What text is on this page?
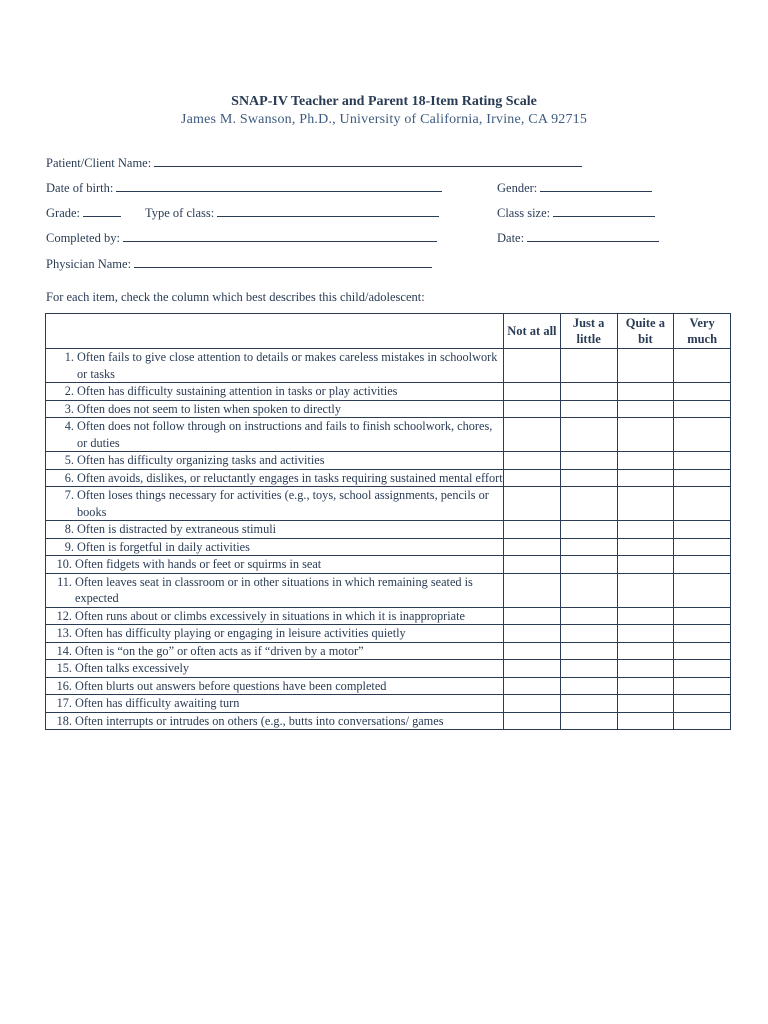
SNAP-IV Teacher and Parent 18-Item Rating Scale
James M. Swanson, Ph.D., University of California, Irvine, CA 92715
Patient/Client Name:
Date of birth:	Gender:
Grade:	Type of class:	Class size:
Completed by:	Date:
Physician Name:
For each item, check the column which best describes this child/adolescent:
	Not at all	Just a little	Quite a bit	Very much

1. Often fails to give close attention to details or makes careless mistakes in schoolwork or tasks				

2. Often has difficulty sustaining attention in tasks or play activities				

3. Often does not seem to listen when spoken to directly				

4. Often does not follow through on instructions and fails to finish schoolwork, chores, or duties				

5. Often has difficulty organizing tasks and activities				

6. Often avoids, dislikes, or reluctantly engages in tasks requiring sustained mental effort				

7. Often loses things necessary for activities (e.g., toys, school assignments, pencils or books				

8. Often is distracted by extraneous stimuli				

9. Often is forgetful in daily activities				

10. Often fidgets with hands or feet or squirms in seat				

11. Often leaves seat in classroom or in other situations in which remaining seated is expected				

12. Often runs about or climbs excessively in situations in which it is inappropriate				

13. Often has difficulty playing or engaging in leisure activities quietly				

14. Often is “on the go” or often acts as if “driven by a motor”				

15. Often talks excessively				

16. Often blurts out answers before questions have been completed				

17. Often has difficulty awaiting turn				

18. Often interrupts or intrudes on others (e.g., butts into conversations/ games				
